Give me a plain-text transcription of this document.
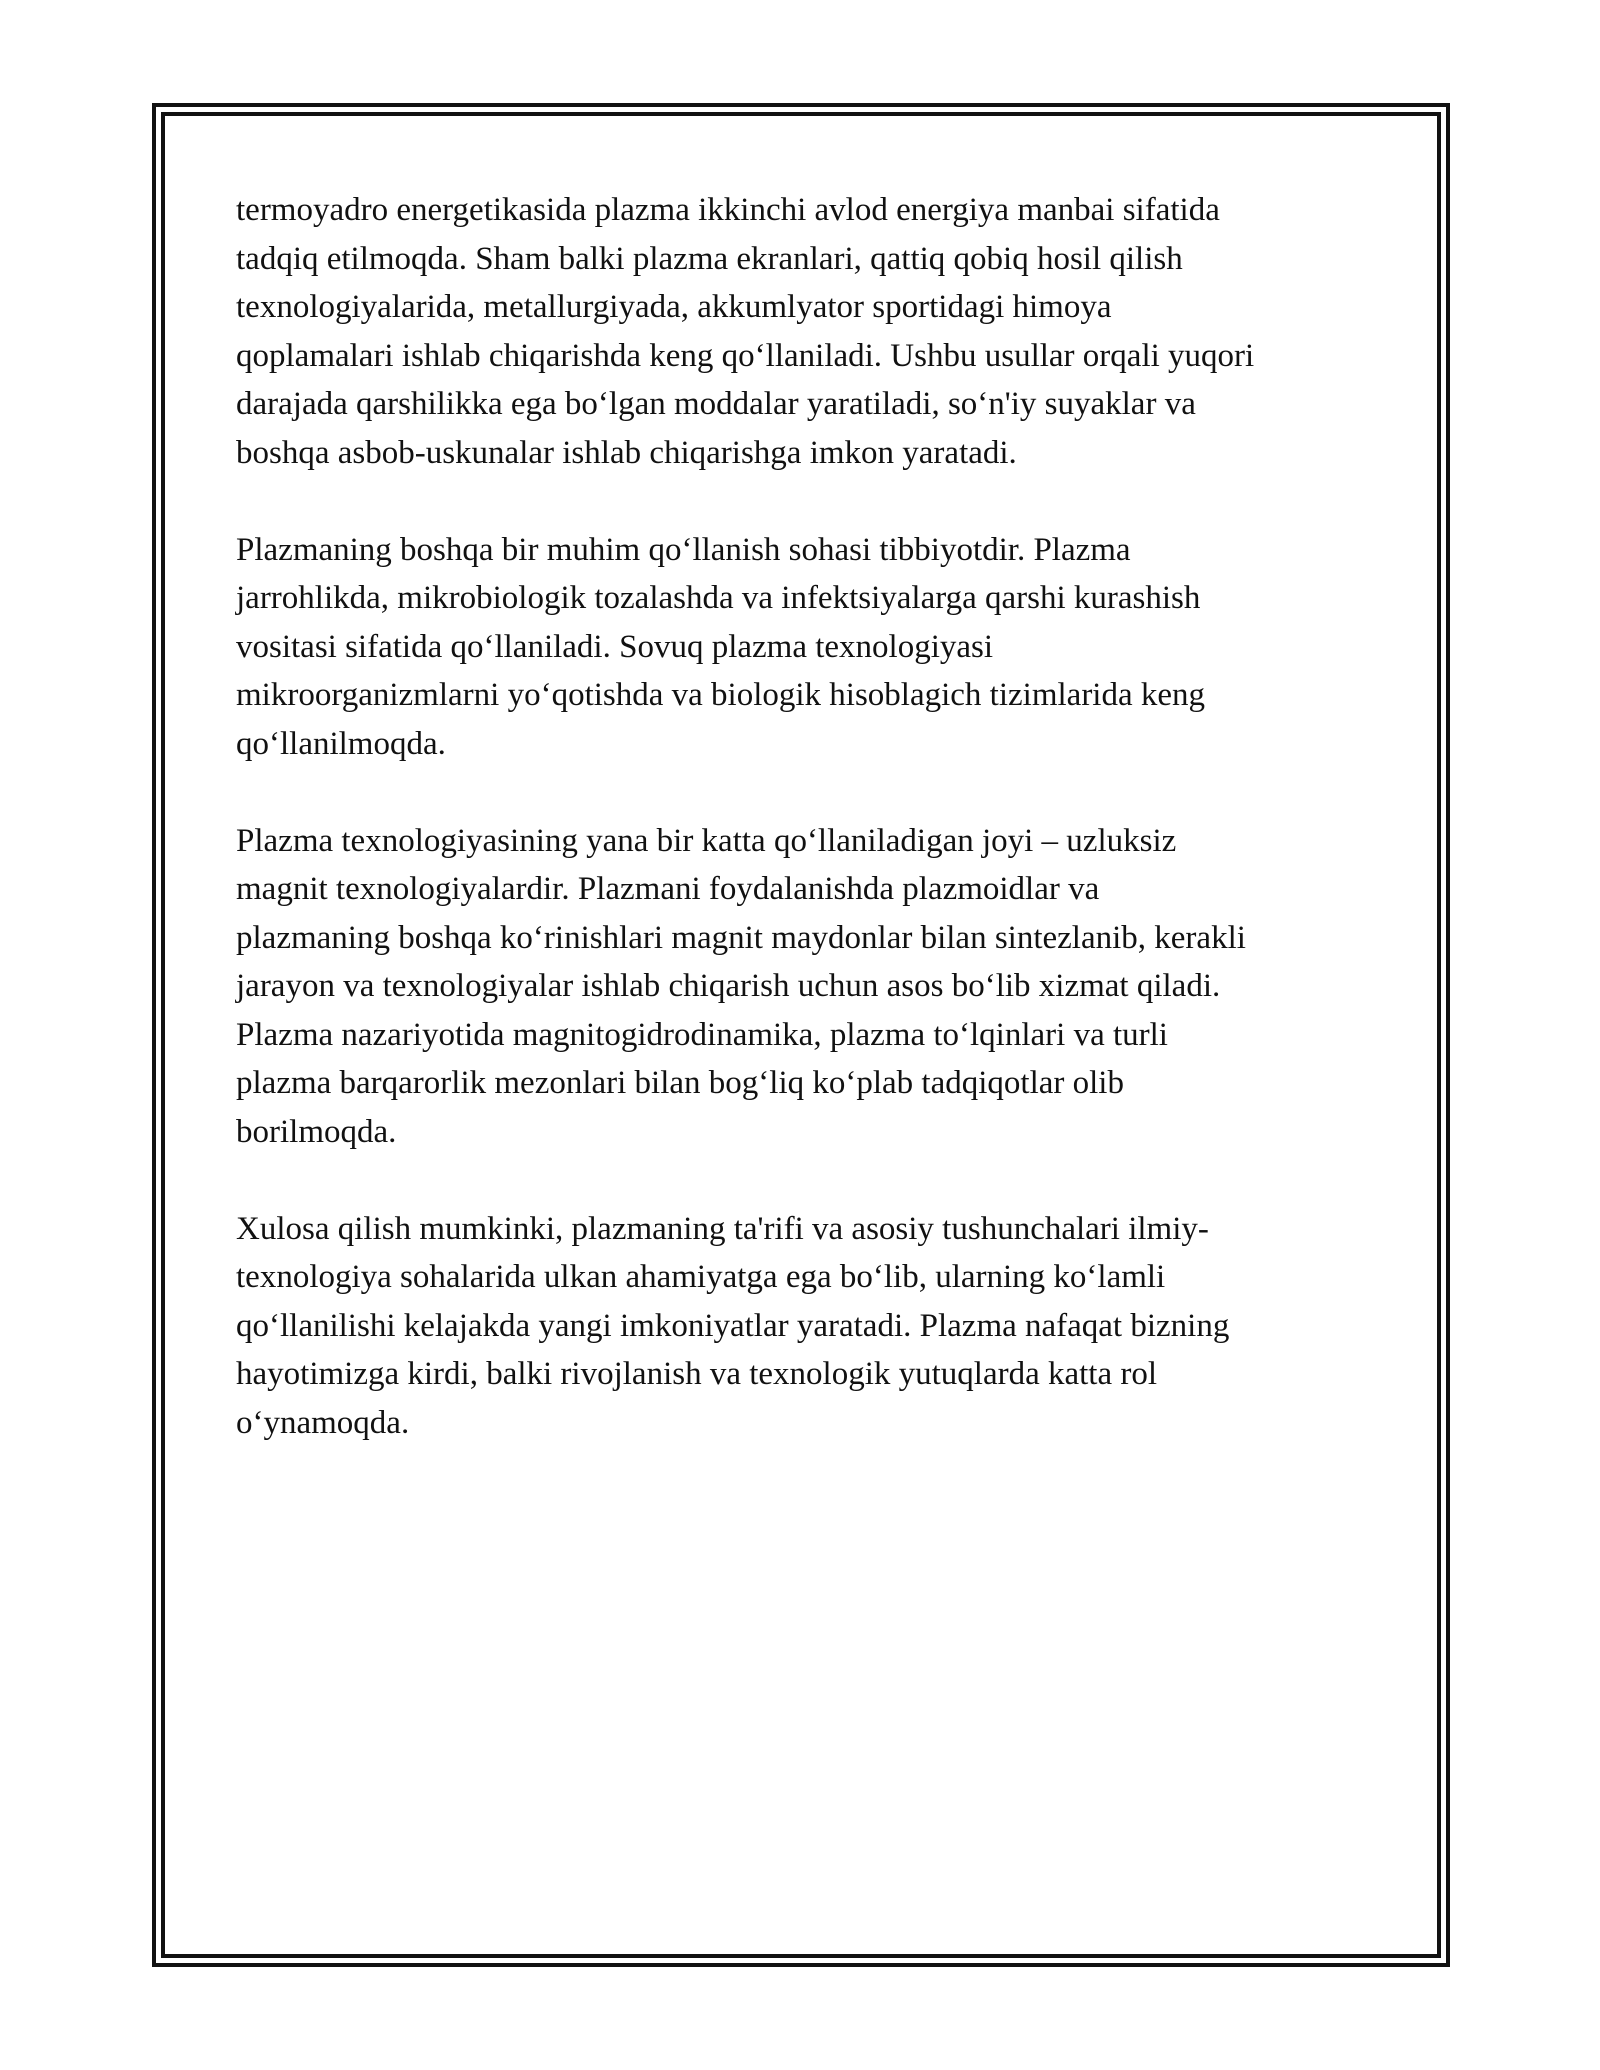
termoyadro energetikasida plazma ikkinchi avlod energiya manbai sifatida
tadqiq etilmoqda. Sham balki plazma ekranlari, qattiq qobiq hosil qilish
texnologiyalarida, metallurgiyada, akkumlyator sportidagi himoya
qoplamalari ishlab chiqarishda keng qo‘llaniladi. Ushbu usullar orqali yuqori
darajada qarshilikka ega bo‘lgan moddalar yaratiladi, so‘n'iy suyaklar va
boshqa asbob-uskunalar ishlab chiqarishga imkon yaratadi.

Plazmaning boshqa bir muhim qo‘llanish sohasi tibbiyotdir. Plazma
jarrohlikda, mikrobiologik tozalashda va infektsiyalarga qarshi kurashish
vositasi sifatida qo‘llaniladi. Sovuq plazma texnologiyasi
mikroorganizmlarni yo‘qotishda va biologik hisoblagich tizimlarida keng
qo‘llanilmoqda.

Plazma texnologiyasining yana bir katta qo‘llaniladigan joyi – uzluksiz
magnit texnologiyalardir. Plazmani foydalanishda plazmoidlar va
plazmaning boshqa ko‘rinishlari magnit maydonlar bilan sintezlanib, kerakli
jarayon va texnologiyalar ishlab chiqarish uchun asos bo‘lib xizmat qiladi.
Plazma nazariyotida magnitogidrodinamika, plazma to‘lqinlari va turli
plazma barqarorlik mezonlari bilan bog‘liq ko‘plab tadqiqotlar olib
borilmoqda.

Xulosa qilish mumkinki, plazmaning ta'rifi va asosiy tushunchalari ilmiy-
texnologiya sohalarida ulkan ahamiyatga ega bo‘lib, ularning ko‘lamli
qo‘llanilishi kelajakda yangi imkoniyatlar yaratadi. Plazma nafaqat bizning
hayotimizga kirdi, balki rivojlanish va texnologik yutuqlarda katta rol
o‘ynamoqda.
